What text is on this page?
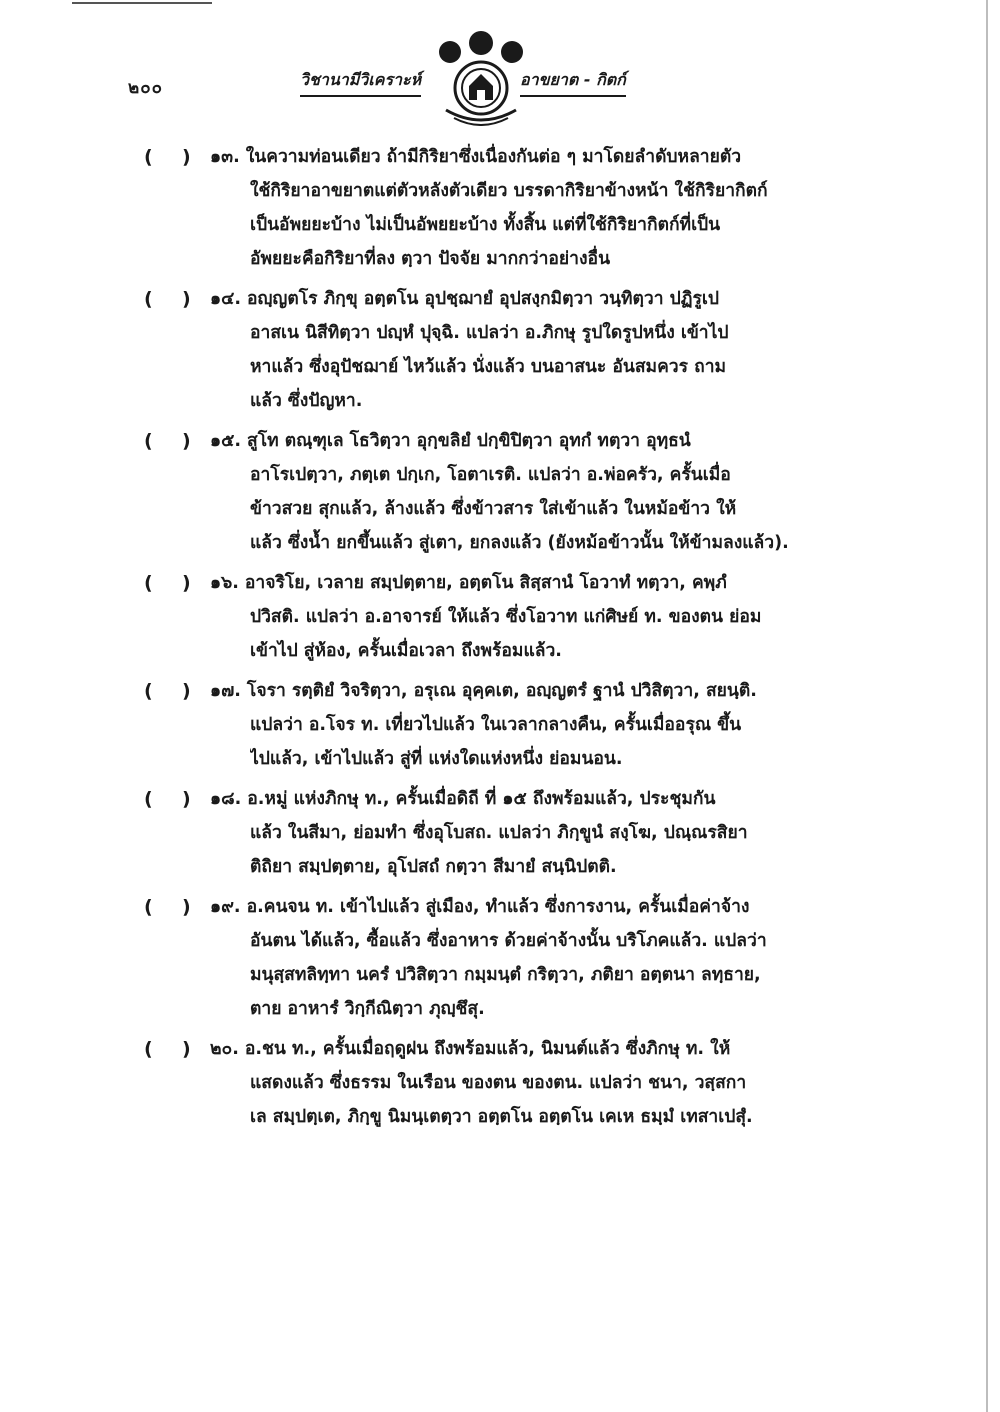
๒๐๐	วิชานามีวิเคราะห์	อาขยาต - กิตก์
( ) ๑๓. ในความท่อนเดียว ถ้ามีกิริยาซึ่งเนื่องกันต่อ ๆ มาโดยลำดับหลายตัว
ใช้กิริยาอาขยาตแต่ตัวหลังตัวเดียว บรรดากิริยาข้างหน้า ใช้กิริยากิตก์
เป็นอัพยยะบ้าง ไม่เป็นอัพยยะบ้าง ทั้งสิ้น แต่ที่ใช้กิริยากิตก์ที่เป็น
อัพยยะคือกิริยาที่ลง ตฺวา ปัจจัย มากกว่าอย่างอื่น
( ) ๑๔. อญฺญตโร ภิกฺขุ อตฺตโน อุปชฺฌายํ อุปสงฺกมิตฺวา วนฺทิตฺวา ปฏิรูเป
อาสเน นิสีทิตฺวา ปญฺหํ ปุจฺฉิ. แปลว่า อ.ภิกษุ รูปใดรูปหนึ่ง เข้าไป
หาแล้ว ซึ่งอุปัชฌาย์ ไหว้แล้ว นั่งแล้ว บนอาสนะ อันสมควร ถาม
แล้ว ซึ่งปัญหา.
( ) ๑๕. สูโท ตณฺฑุเล โธวิตฺวา อุกฺขลิยํ ปกฺขิปิตฺวา อุทกํ ทตฺวา อุทฺธนํ
อาโรเปตฺวา, ภตฺเต ปกฺเก, โอตาเรติ. แปลว่า อ.พ่อครัว, ครั้นเมื่อ
ข้าวสวย สุกแล้ว, ล้างแล้ว ซึ่งข้าวสาร ใส่เข้าแล้ว ในหม้อข้าว ให้
แล้ว ซึ่งน้ำ ยกขึ้นแล้ว สู่เตา, ยกลงแล้ว (ยังหม้อข้าวนั้น ให้ข้ามลงแล้ว).
( ) ๑๖. อาจริโย, เวลาย สมฺปตฺตาย, อตฺตโน สิสฺสานํ โอวาทํ ทตฺวา, คพฺภํ
ปวิสติ. แปลว่า อ.อาจารย์ ให้แล้ว ซึ่งโอวาท แก่ศิษย์ ท. ของตน ย่อม
เข้าไป สู่ห้อง, ครั้นเมื่อเวลา ถึงพร้อมแล้ว.
( ) ๑๗. โจรา รตฺติยํ วิจริตฺวา, อรุเณ อุคฺคเต, อญฺญตรํ ฐานํ ปวิสิตฺวา, สยนฺติ.
แปลว่า อ.โจร ท. เที่ยวไปแล้ว ในเวลากลางคืน, ครั้นเมื่ออรุณ ขึ้น
ไปแล้ว, เข้าไปแล้ว สู่ที่ แห่งใดแห่งหนึ่ง ย่อมนอน.
( ) ๑๘. อ.หมู่ แห่งภิกษุ ท., ครั้นเมื่อดิถี ที่ ๑๕ ถึงพร้อมแล้ว, ประชุมกัน
แล้ว ในสีมา, ย่อมทำ ซึ่งอุโบสถ. แปลว่า ภิกฺขูนํ สงฺโฆ, ปณฺณรสิยา
ติถิยา สมฺปตฺตาย, อุโปสถํ กตฺวา สีมายํ สนฺนิปตติ.
( ) ๑๙. อ.คนจน ท. เข้าไปแล้ว สู่เมือง, ทำแล้ว ซึ่งการงาน, ครั้นเมื่อค่าจ้าง
อันตน ได้แล้ว, ซื้อแล้ว ซึ่งอาหาร ด้วยค่าจ้างนั้น บริโภคแล้ว. แปลว่า
มนุสฺสทลิทฺทา นครํ ปวิสิตฺวา กมฺมนฺตํ กริตฺวา, ภติยา อตฺตนา ลทฺธาย,
ตาย อาหารํ วิกฺกีณิตฺวา ภุญฺชึสุ.
( ) ๒๐. อ.ชน ท., ครั้นเมื่อฤดูฝน ถึงพร้อมแล้ว, นิมนต์แล้ว ซึ่งภิกษุ ท. ให้
แสดงแล้ว ซึ่งธรรม ในเรือน ของตน ของตน. แปลว่า ชนา, วสฺสกา
เล สมฺปตฺเต, ภิกฺขู นิมนฺเตตฺวา อตฺตโน อตฺตโน เคเห ธมฺมํ เทสาเปสุํ.
